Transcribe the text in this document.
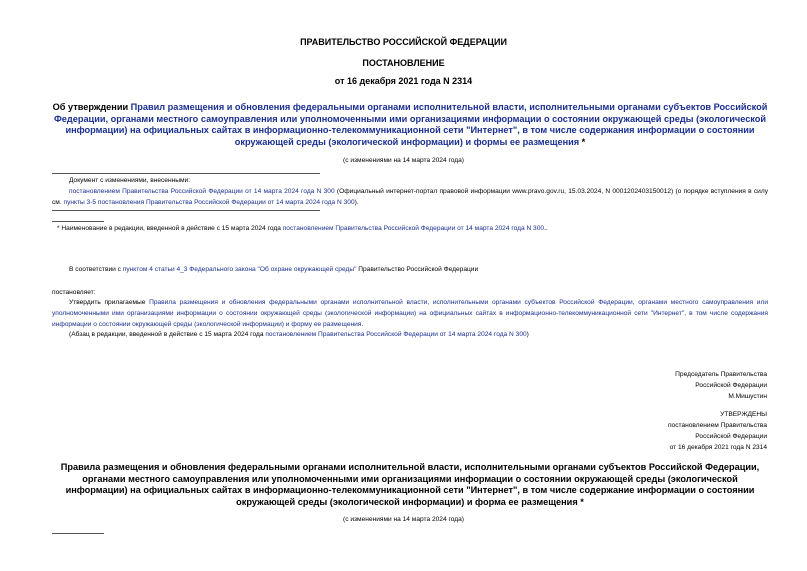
ПРАВИТЕЛЬСТВО РОССИЙСКОЙ ФЕДЕРАЦИИ
ПОСТАНОВЛЕНИЕ
от 16 декабря 2021 года N 2314
Об утверждении Правил размещения и обновления федеральными органами исполнительной власти, исполнительными органами субъектов Российской Федерации, органами местного самоуправления или уполномоченными ими организациями информации о состоянии окружающей среды (экологической информации) на официальных сайтах в информационно-телекоммуникационной сети "Интернет", в том числе содержания информации о состоянии окружающей среды (экологической информации) и формы ее размещения *
(с изменениями на 14 марта 2024 года)
Документ с изменениями, внесенными:
постановлением Правительства Российской Федерации от 14 марта 2024 года N 300 (Официальный интернет-портал правовой информации www.pravo.gov.ru, 15.03.2024, N 0001202403150012) (о порядке вступления в силу см. пункты 3-5 постановления Правительства Российской Федерации от 14 марта 2024 года N 300).
* Наименование в редакции, введенной в действие с 15 марта 2024 года постановлением Правительства Российской Федерации от 14 марта 2024 года N 300..
В соответствии с пунктом 4 статьи 4_3 Федерального закона "Об охране окружающей среды" Правительство Российской Федерации
постановляет:
Утвердить прилагаемые Правила размещения и обновления федеральными органами исполнительной власти, исполнительными органами субъектов Российской Федерации, органами местного самоуправления или уполномоченными ими организациями информации о состоянии окружающей среды (экологической информации) на официальных сайтах в информационно-телекоммуникационной сети "Интернет", в том числе содержания информации о состоянии окружающей среды (экологической информации) и форму ее размещения.
(Абзац в редакции, введенной в действие с 15 марта 2024 года постановлением Правительства Российской Федерации от 14 марта 2024 года N 300)
Председатель Правительства
Российской Федерации
М.Мишустин
УТВЕРЖДЕНЫ
постановлением Правительства
Российской Федерации
от 16 декабря 2021 года N 2314
Правила размещения и обновления федеральными органами исполнительной власти, исполнительными органами субъектов Российской Федерации, органами местного самоуправления или уполномоченными ими организациями информации о состоянии окружающей среды (экологической информации) на официальных сайтах в информационно-телекоммуникационной сети "Интернет", в том числе содержание информации о состоянии окружающей среды (экологической информации) и форма ее размещения *
(с изменениями на 14 марта 2024 года)
